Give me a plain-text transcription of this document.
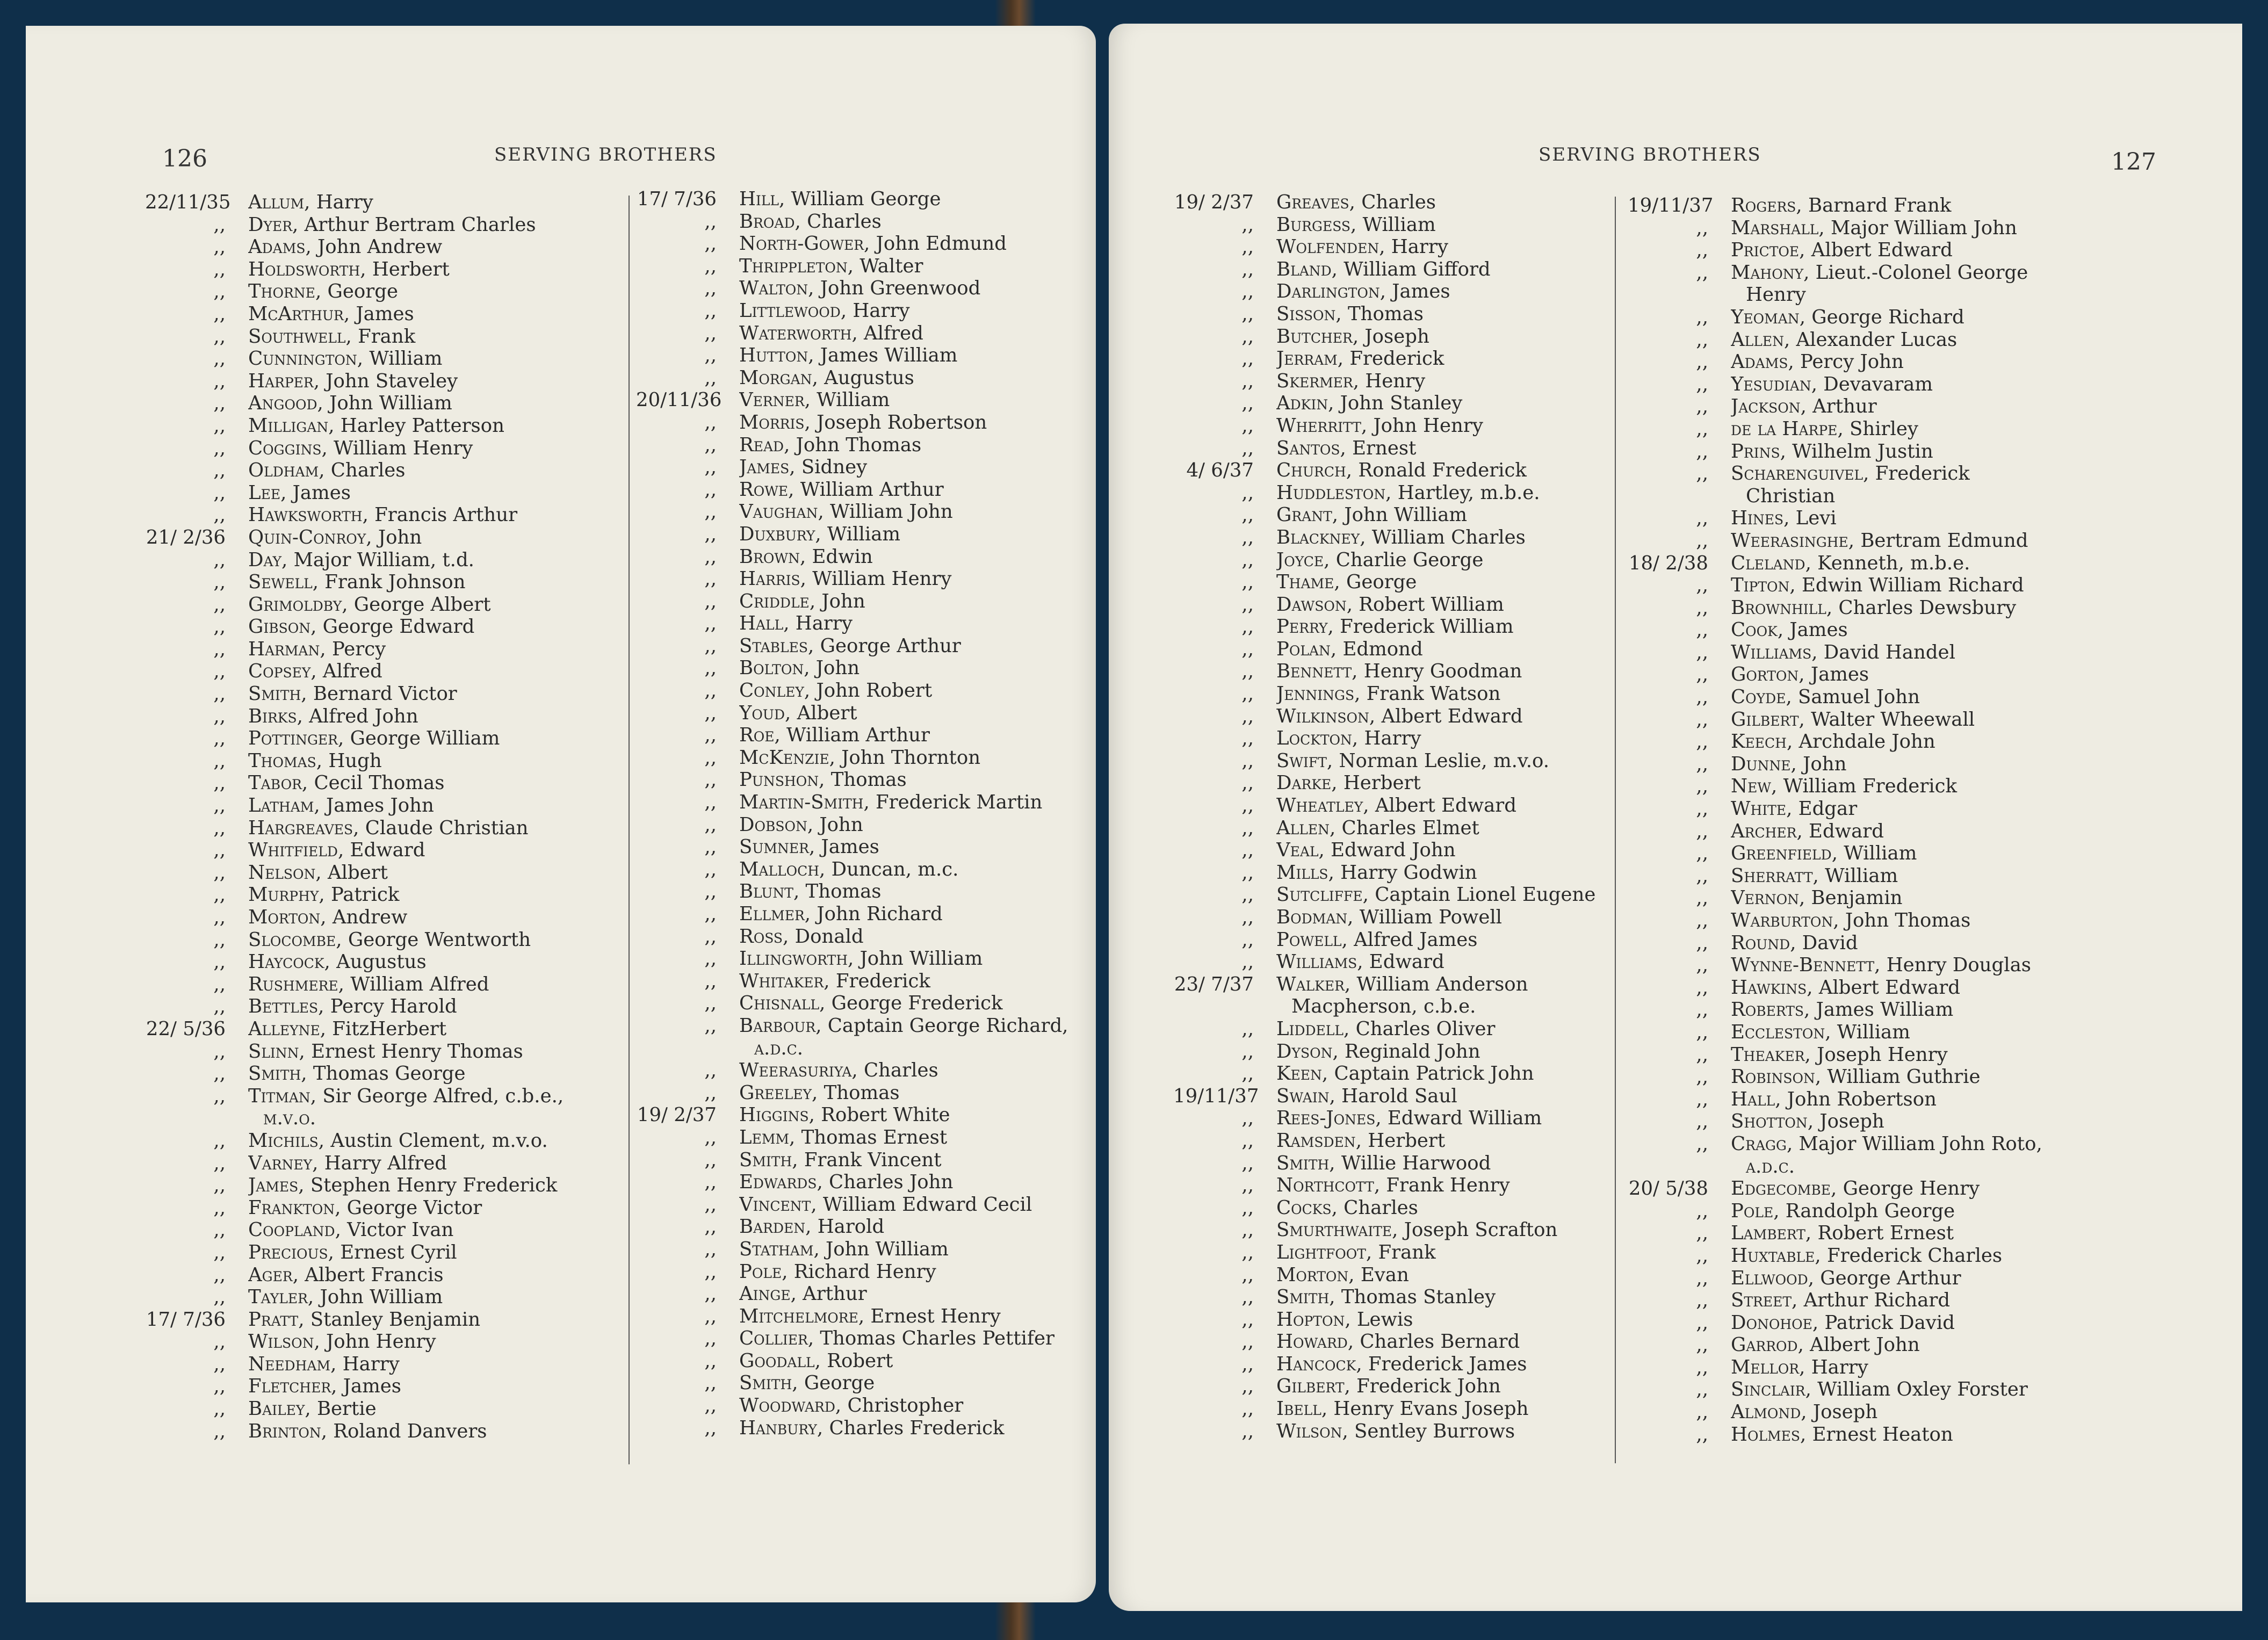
126	SERVING BROTHERS
22/11/35 Allum, Harry
,, Dyer, Arthur Bertram Charles
,, Adams, John Andrew
,, Holdsworth, Herbert
,, Thorne, George
,, McArthur, James
,, Southwell, Frank
,, Cunnington, William
,, Harper, John Staveley
,, Angood, John William
,, Milligan, Harley Patterson
,, Coggins, William Henry
,, Oldham, Charles
,, Lee, James
,, Hawksworth, Francis Arthur
21/ 2/36 Quin-Conroy, John
,, Day, Major William, t.d.
,, Sewell, Frank Johnson
,, Grimoldby, George Albert
,, Gibson, George Edward
,, Harman, Percy
,, Copsey, Alfred
,, Smith, Bernard Victor
,, Birks, Alfred John
,, Pottinger, George William
,, Thomas, Hugh
,, Tabor, Cecil Thomas
,, Latham, James John
,, Hargreaves, Claude Christian
,, Whitfield, Edward
,, Nelson, Albert
,, Murphy, Patrick
,, Morton, Andrew
,, Slocombe, George Wentworth
,, Haycock, Augustus
,, Rushmere, William Alfred
,, Bettles, Percy Harold
22/ 5/36 Alleyne, FitzHerbert
,, Slinn, Ernest Henry Thomas
,, Smith, Thomas George
,, Titman, Sir George Alfred, c.b.e.,
m.v.o.
,, Michils, Austin Clement, m.v.o.
,, Varney, Harry Alfred
,, James, Stephen Henry Frederick
,, Frankton, George Victor
,, Coopland, Victor Ivan
,, Precious, Ernest Cyril
,, Ager, Albert Francis
,, Tayler, John William
17/ 7/36 Pratt, Stanley Benjamin
,, Wilson, John Henry
,, Needham, Harry
,, Fletcher, James
,, Bailey, Bertie
,, Brinton, Roland Danvers
17/ 7/36 Hill, William George
,, Broad, Charles
,, North-Gower, John Edmund
,, Thrippleton, Walter
,, Walton, John Greenwood
,, Littlewood, Harry
,, Waterworth, Alfred
,, Hutton, James William
,, Morgan, Augustus
20/11/36 Verner, William
,, Morris, Joseph Robertson
,, Read, John Thomas
,, James, Sidney
,, Rowe, William Arthur
,, Vaughan, William John
,, Duxbury, William
,, Brown, Edwin
,, Harris, William Henry
,, Criddle, John
,, Hall, Harry
,, Stables, George Arthur
,, Bolton, John
,, Conley, John Robert
,, Youd, Albert
,, Roe, William Arthur
,, McKenzie, John Thornton
,, Punshon, Thomas
,, Martin-Smith, Frederick Martin
,, Dobson, John
,, Sumner, James
,, Malloch, Duncan, m.c.
,, Blunt, Thomas
,, Ellmer, John Richard
,, Ross, Donald
,, Illingworth, John William
,, Whitaker, Frederick
,, Chisnall, George Frederick
,, Barbour, Captain George Richard,
a.d.c.
,, Weerasuriya, Charles
,, Greeley, Thomas
19/ 2/37 Higgins, Robert White
,, Lemm, Thomas Ernest
,, Smith, Frank Vincent
,, Edwards, Charles John
,, Vincent, William Edward Cecil
,, Barden, Harold
,, Statham, John William
,, Pole, Richard Henry
,, Ainge, Arthur
,, Mitchelmore, Ernest Henry
,, Collier, Thomas Charles Pettifer
,, Goodall, Robert
,, Smith, George
,, Woodward, Christopher
,, Hanbury, Charles Frederick
127
SERVING BROTHERS
19/ 2/37 Greaves, Charles
,, Burgess, William
,, Wolfenden, Harry
,, Bland, William Gifford
,, Darlington, James
,, Sisson, Thomas
,, Butcher, Joseph
,, Jerram, Frederick
,, Skermer, Henry
,, Adkin, John Stanley
,, Wherritt, John Henry
,, Santos, Ernest
4/ 6/37 Church, Ronald Frederick
,, Huddleston, Hartley, m.b.e.
,, Grant, John William
,, Blackney, William Charles
,, Joyce, Charlie George
,, Thame, George
,, Dawson, Robert William
,, Perry, Frederick William
,, Polan, Edmond
,, Bennett, Henry Goodman
,, Jennings, Frank Watson
,, Wilkinson, Albert Edward
,, Lockton, Harry
,, Swift, Norman Leslie, m.v.o.
,, Darke, Herbert
,, Wheatley, Albert Edward
,, Allen, Charles Elmet
,, Veal, Edward John
,, Mills, Harry Godwin
,, Sutcliffe, Captain Lionel Eugene
,, Bodman, William Powell
,, Powell, Alfred James
,, Williams, Edward
23/ 7/37 Walker, William Anderson
Macpherson, c.b.e.
,, Liddell, Charles Oliver
,, Dyson, Reginald John
,, Keen, Captain Patrick John
19/11/37 Swain, Harold Saul
,, Rees-Jones, Edward William
,, Ramsden, Herbert
,, Smith, Willie Harwood
,, Northcott, Frank Henry
,, Cocks, Charles
,, Smurthwaite, Joseph Scrafton
,, Lightfoot, Frank
,, Morton, Evan
,, Smith, Thomas Stanley
,, Hopton, Lewis
,, Howard, Charles Bernard
,, Hancock, Frederick James
,, Gilbert, Frederick John
,, Ibell, Henry Evans Joseph
,, Wilson, Sentley Burrows
19/11/37 Rogers, Barnard Frank
,, Marshall, Major William John
,, Prictoe, Albert Edward
,, Mahony, Lieut.-Colonel George
Henry
,, Yeoman, George Richard
,, Allen, Alexander Lucas
,, Adams, Percy John
,, Yesudian, Devavaram
,, Jackson, Arthur
,, de la Harpe, Shirley
,, Prins, Wilhelm Justin
,, Scharenguivel, Frederick
Christian
,, Hines, Levi
,, Weerasinghe, Bertram Edmund
18/ 2/38 Cleland, Kenneth, m.b.e.
,, Tipton, Edwin William Richard
,, Brownhill, Charles Dewsbury
,, Cook, James
,, Williams, David Handel
,, Gorton, James
,, Coyde, Samuel John
,, Gilbert, Walter Wheewall
,, Keech, Archdale John
,, Dunne, John
,, New, William Frederick
,, White, Edgar
,, Archer, Edward
,, Greenfield, William
,, Sherratt, William
,, Vernon, Benjamin
,, Warburton, John Thomas
,, Round, David
,, Wynne-Bennett, Henry Douglas
,, Hawkins, Albert Edward
,, Roberts, James William
,, Eccleston, William
,, Theaker, Joseph Henry
,, Robinson, William Guthrie
,, Hall, John Robertson
,, Shotton, Joseph
,, Cragg, Major William John Roto,
a.d.c.
20/ 5/38 Edgecombe, George Henry
,, Pole, Randolph George
,, Lambert, Robert Ernest
,, Huxtable, Frederick Charles
,, Ellwood, George Arthur
,, Street, Arthur Richard
,, Donohoe, Patrick David
,, Garrod, Albert John
,, Mellor, Harry
,, Sinclair, William Oxley Forster
,, Almond, Joseph
,, Holmes, Ernest Heaton
